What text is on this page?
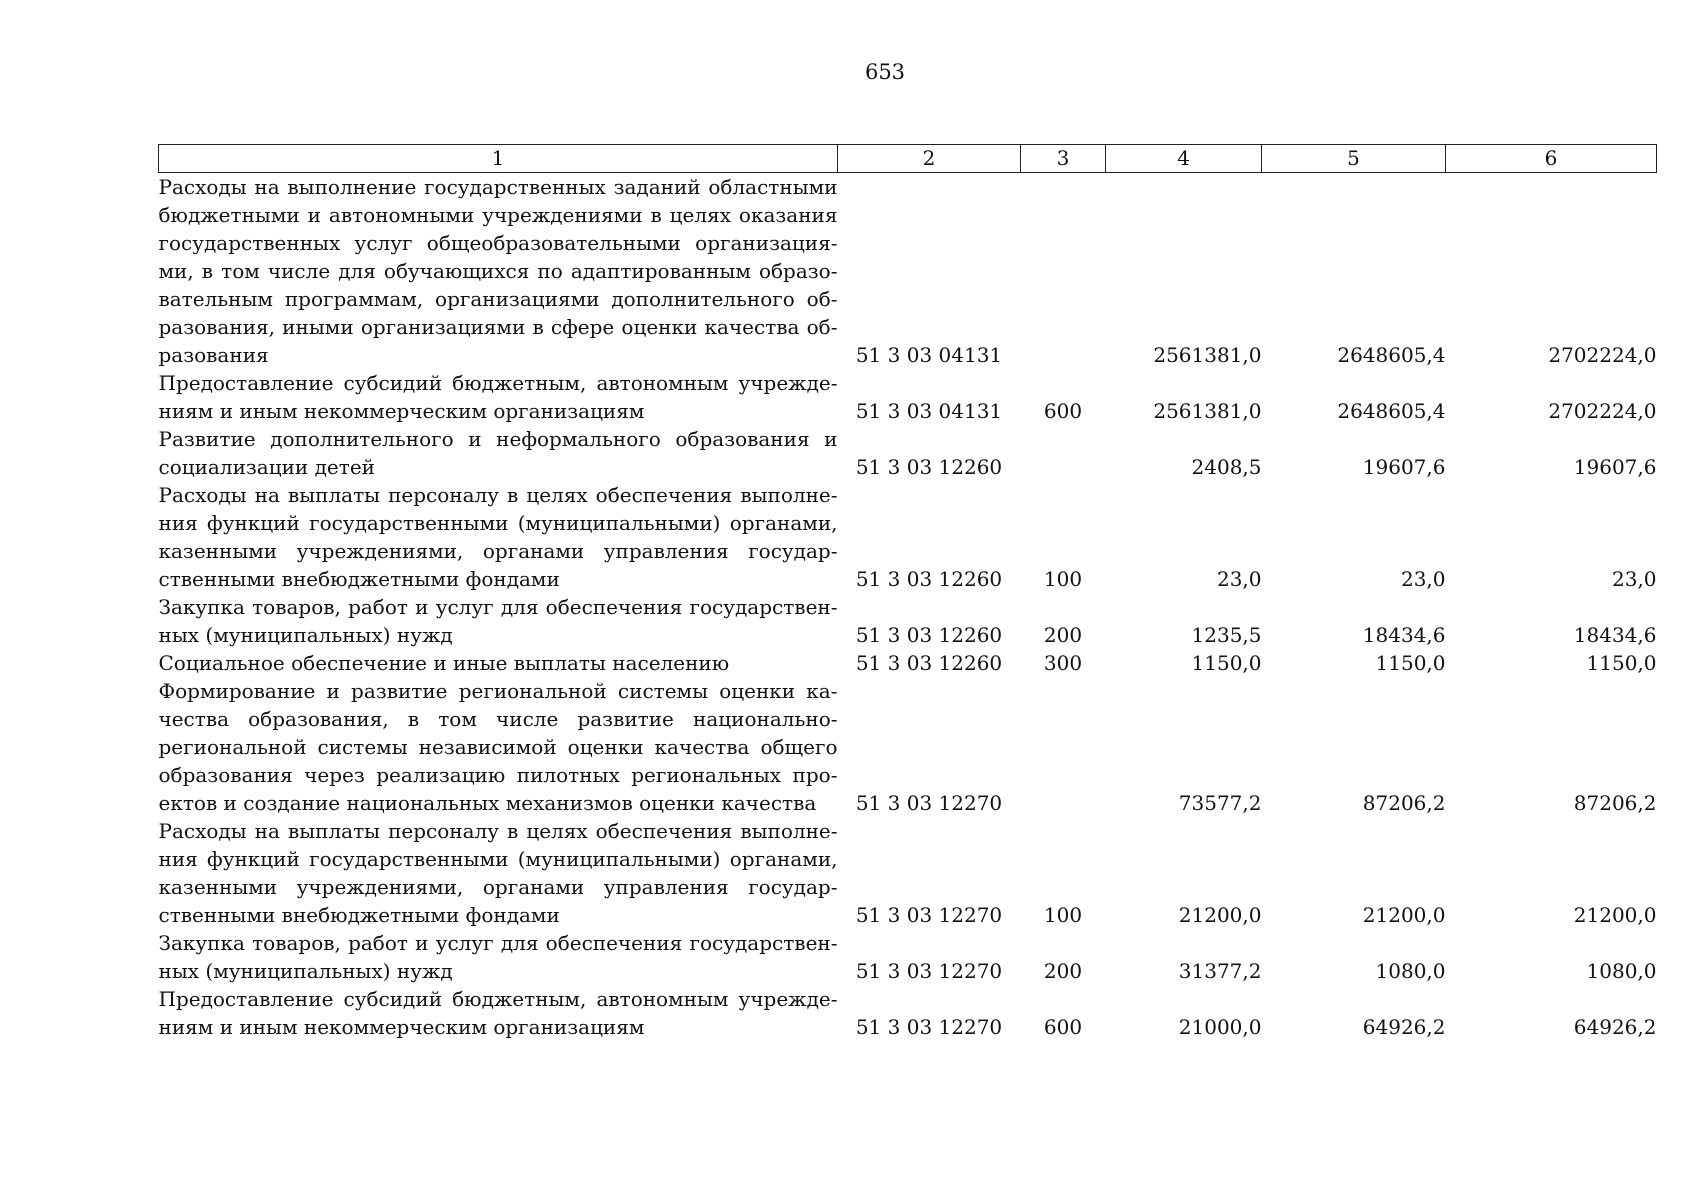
653
1	2	3	4	5	6
Расходы на выполнение государственных заданий областными бюджетными и автономными учреждениями в целях оказания государственных услуг общеобразовательными организациями, в том числе для обучающихся по адаптированным образовательным программам, организациями дополнительного образования, иными организациями в сфере оценки качества образования	51 3 03 04131		2561381,0	2648605,4	2702224,0
Предоставление субсидий бюджетным, автономным учреждениям и иным некоммерческим организациям	51 3 03 04131	600	2561381,0	2648605,4	2702224,0
Развитие дополнительного и неформального образования и социализации детей	51 3 03 12260		2408,5	19607,6	19607,6
Расходы на выплаты персоналу в целях обеспечения выполнения функций государственными (муниципальными) органами, казенными учреждениями, органами управления государственными внебюджетными фондами	51 3 03 12260	100	23,0	23,0	23,0
Закупка товаров, работ и услуг для обеспечения государственных (муниципальных) нужд	51 3 03 12260	200	1235,5	18434,6	18434,6
Социальное обеспечение и иные выплаты населению	51 3 03 12260	300	1150,0	1150,0	1150,0
Формирование и развитие региональной системы оценки качества образования, в том числе развитие национально-региональной системы независимой оценки качества общего образования через реализацию пилотных региональных проектов и создание национальных механизмов оценки качества	51 3 03 12270		73577,2	87206,2	87206,2
Расходы на выплаты персоналу в целях обеспечения выполнения функций государственными (муниципальными) органами, казенными учреждениями, органами управления государственными внебюджетными фондами	51 3 03 12270	100	21200,0	21200,0	21200,0
Закупка товаров, работ и услуг для обеспечения государственных (муниципальных) нужд	51 3 03 12270	200	31377,2	1080,0	1080,0
Предоставление субсидий бюджетным, автономным учреждениям и иным некоммерческим организациям	51 3 03 12270	600	21000,0	64926,2	64926,2
